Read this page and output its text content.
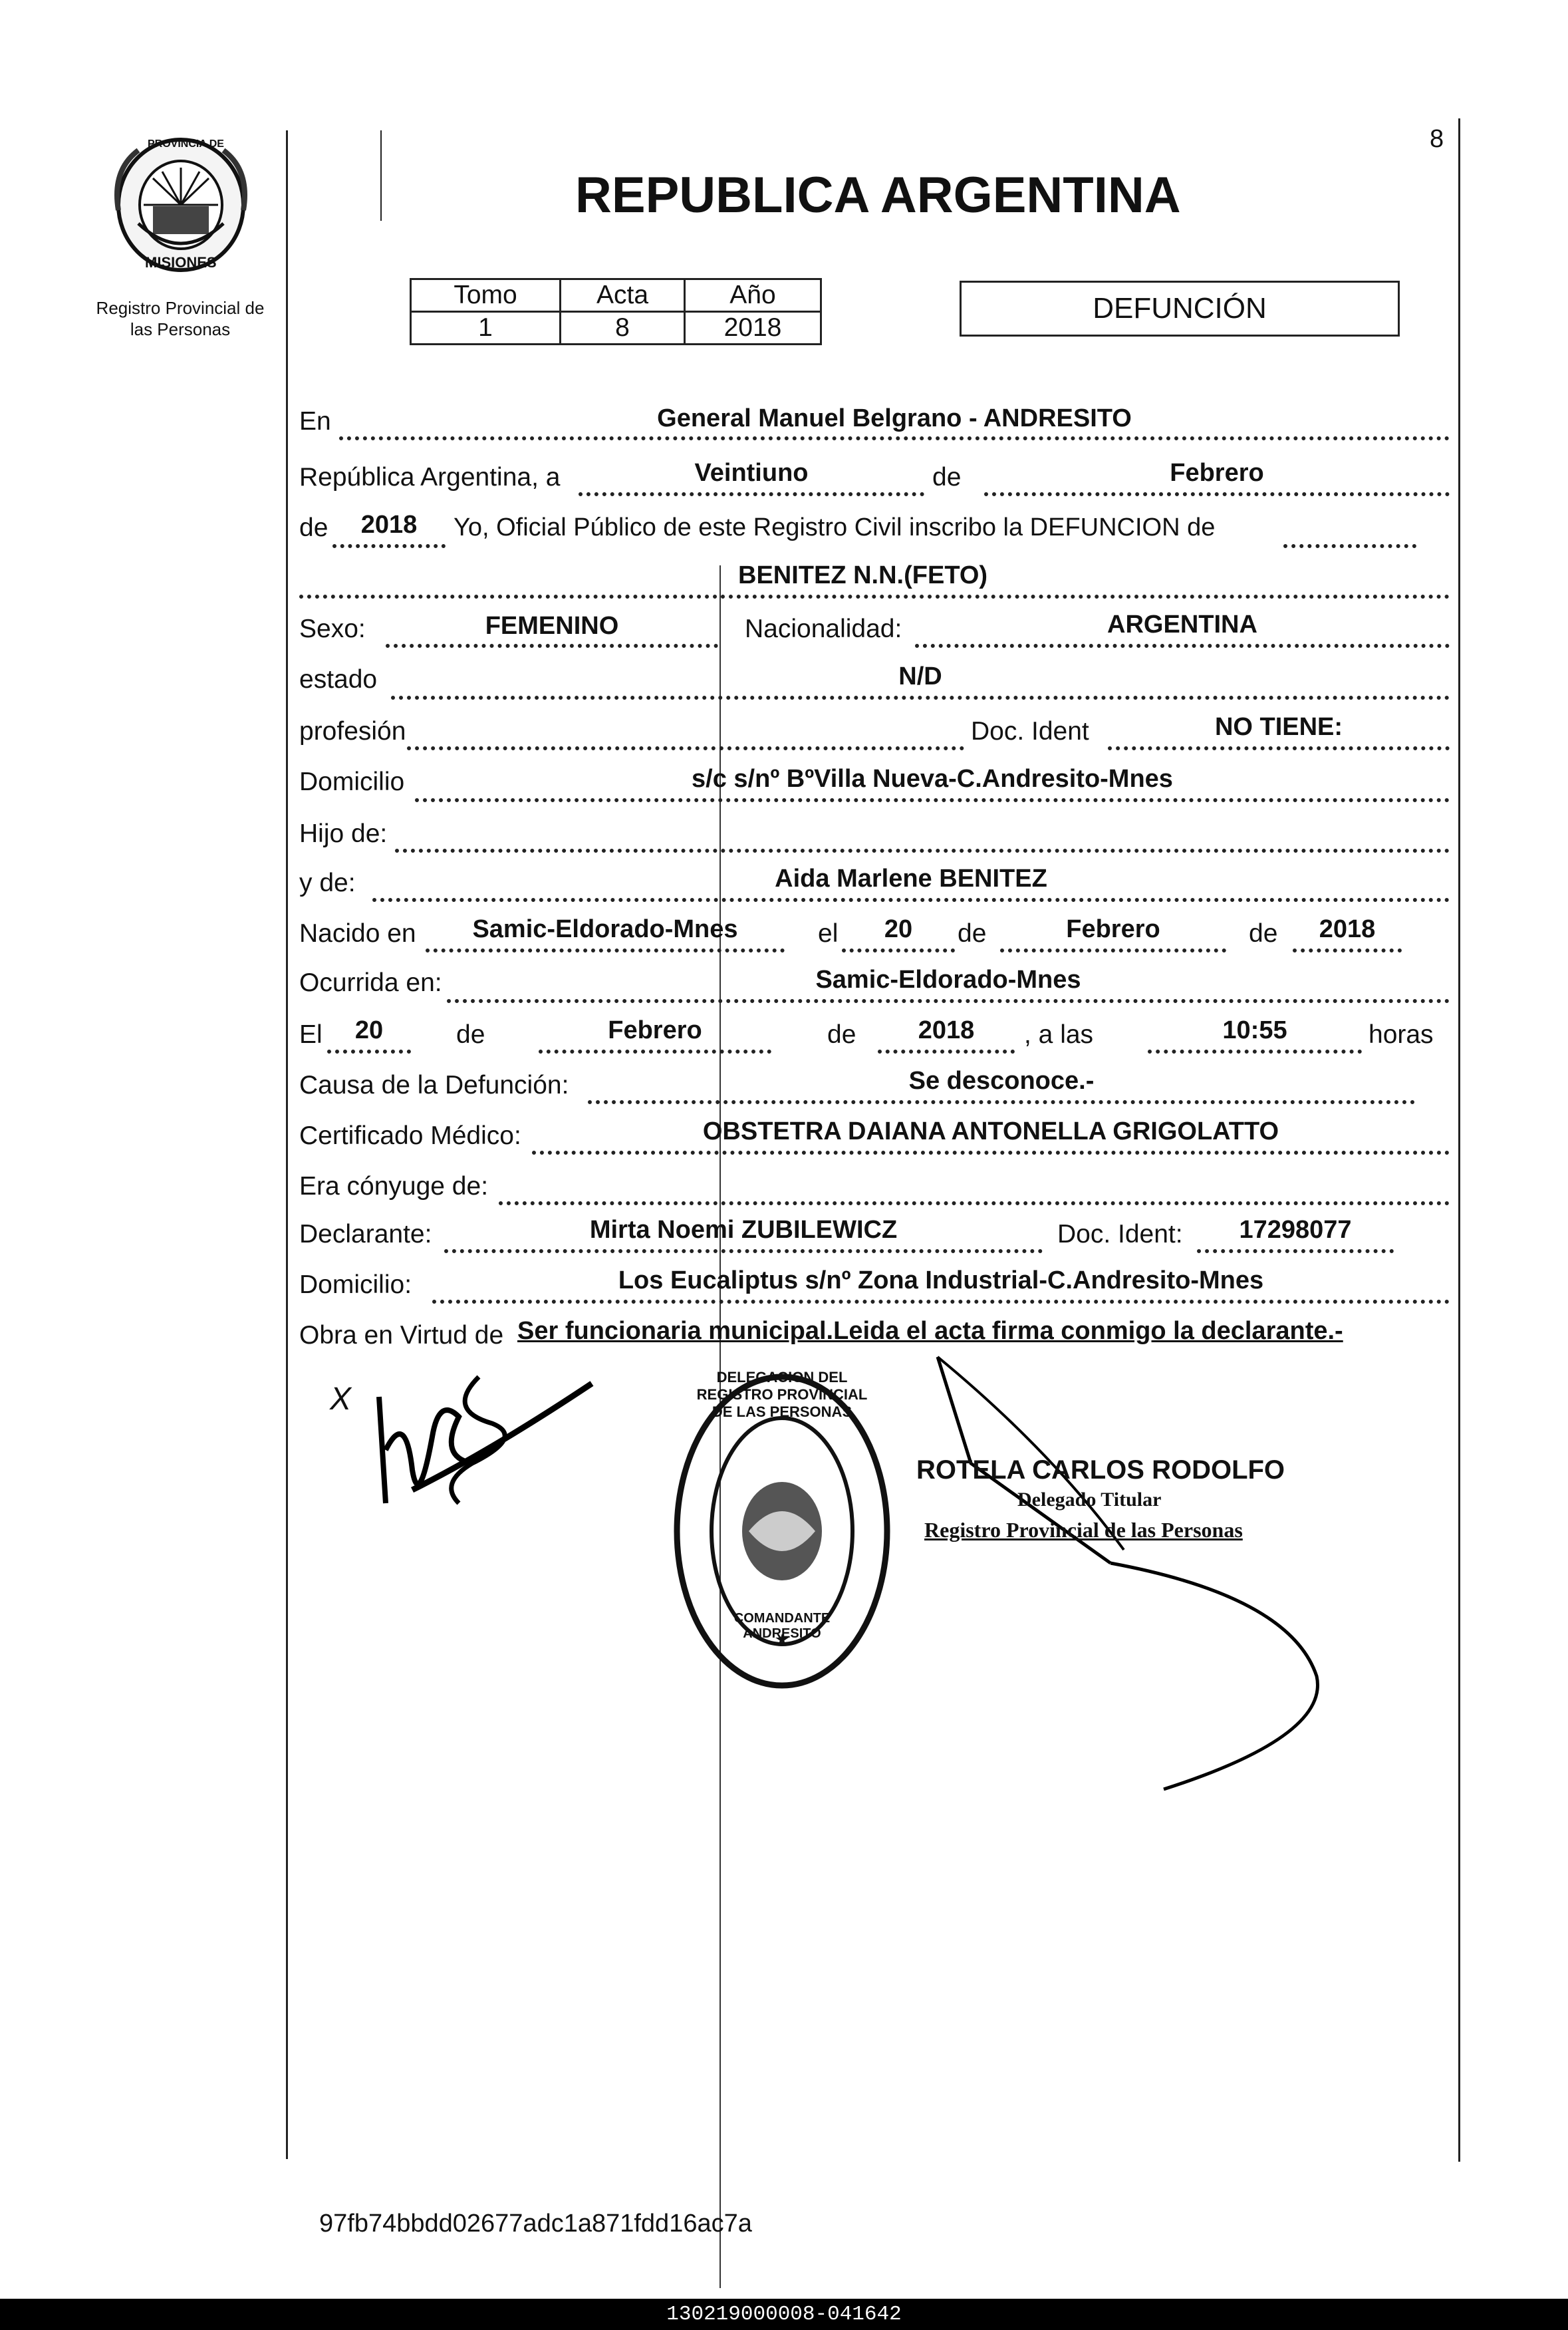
PROVINCIA DE
MISIONES
Registro Provincial de
las Personas
8
REPUBLICA ARGENTINA
Tomo	Acta	Año
1	8	2018
DEFUNCIÓN
En	General Manuel Belgrano - ANDRESITO
República Argentina, a	Veintiuno	de	Febrero
de	2018	Yo, Oficial Público de este Registro Civil inscribo la DEFUNCION de
BENITEZ N.N.(FETO)
Sexo:	FEMENINO	Nacionalidad:	ARGENTINA
estado	N/D
profesión	Doc. Ident	NO TIENE:
Domicilio	s/c s/nº BºVilla Nueva-C.Andresito-Mnes
Hijo de:
y de:	Aida Marlene BENITEZ
Nacido en	Samic-Eldorado-Mnes	el	20	de	Febrero	de	2018
Ocurrida en:	Samic-Eldorado-Mnes
El	20	de	Febrero	de	2018	, a las	10:55	horas
Causa de la Defunción:	Se desconoce.-
Certificado Médico:	OBSTETRA DAIANA ANTONELLA GRIGOLATTO
Era cónyuge de:
Declarante:	Mirta Noemi ZUBILEWICZ	Doc. Ident:	17298077
Domicilio:	Los Eucaliptus s/nº Zona Industrial-C.Andresito-Mnes
Obra en Virtud de Ser funcionaria municipal.Leida el acta firma conmigo la declarante.-
X
DELEGACION DEL REGISTRO PROVINCIAL DE LAS PERSONAS
COMANDANTE ANDRESITO
ROTELA CARLOS RODOLFO
Delegado Titular
Registro Provincial de las Personas
97fb74bbdd02677adc1a871fdd16ac7a
130219000008-041642
